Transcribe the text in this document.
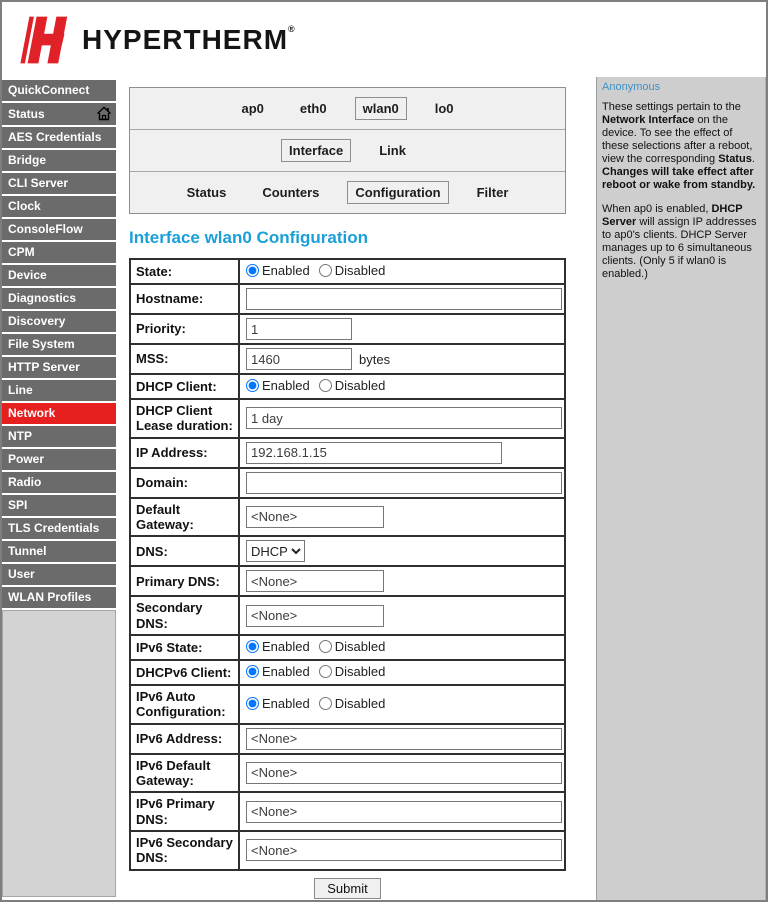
HYPERTHERM®
QuickConnect
Status
AES Credentials
Bridge
CLI Server
Clock
ConsoleFlow
CPM
Device
Diagnostics
Discovery
File System
HTTP Server
Line
Network
NTP
Power
Radio
SPI
TLS Credentials
Tunnel
User
WLAN Profiles
ap0	eth0	wlan0	lo0
Interface	Link
Status	Counters	Configuration	Filter
Interface wlan0 Configuration
State:	Enabled Disabled

Hostname:	
Priority:	1
MSS:	1460bytes
DHCP Client:	Enabled Disabled

DHCP Client Lease duration:	1 day
IP Address:	192.168.1.15
Domain:	
Default Gateway:	<None>
DNS:	
DHCP
Primary DNS:	<None>
Secondary DNS:	<None>
IPv6 State:	Enabled Disabled

DHCPv6 Client:	Enabled Disabled

IPv6 Auto Configuration:	Enabled Disabled

IPv6 Address:	<None>
IPv6 Default Gateway:	<None>
IPv6 Primary DNS:	<None>
IPv6 Secondary DNS:	<None>
Submit
Anonymous

These settings pertain to the Network Interface on the device. To see the effect of these selections after a reboot, view the corresponding Status. Changes will take effect after reboot or wake from standby.

When ap0 is enabled, DHCP Server will assign IP addresses to ap0's clients. DHCP Server manages up to 6 simultaneous clients. (Only 5 if wlan0 is enabled.)
